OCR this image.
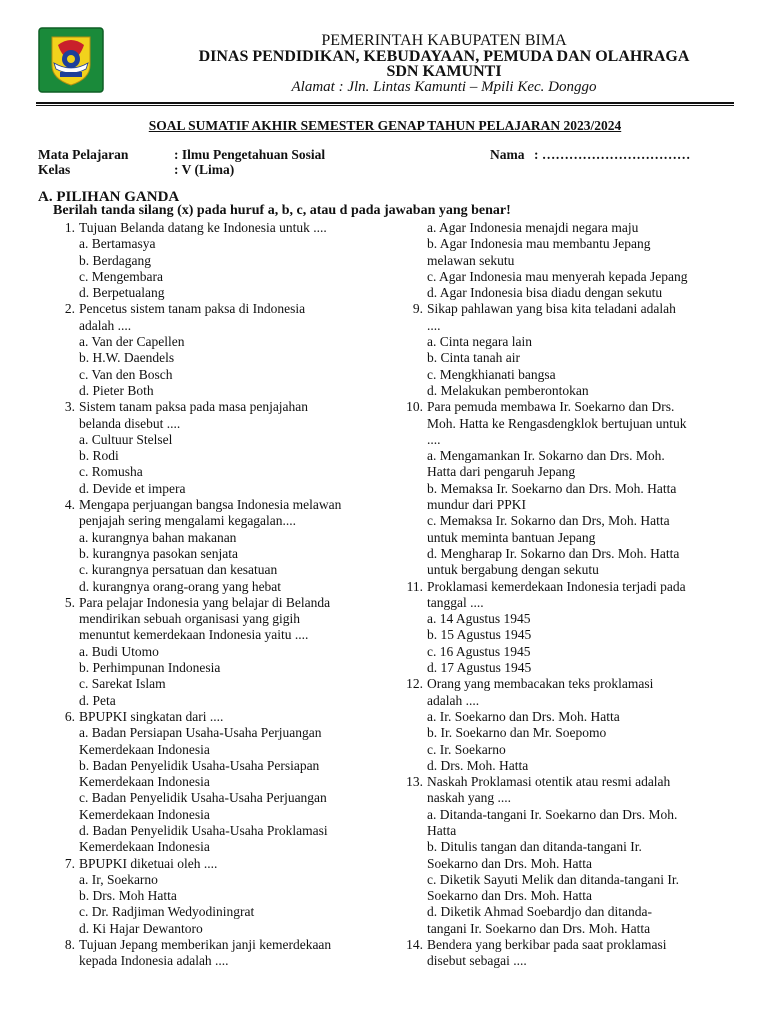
PEMERINTAH KABUPATEN BIMA
DINAS PENDIDIKAN, KEBUDAYAAN, PEMUDA DAN OLAHRAGA
SDN KAMUNTI
Alamat : Jln. Lintas Kamunti – Mpili Kec. Donggo
SOAL SUMATIF AKHIR SEMESTER GENAP TAHUN PELAJARAN 2023/2024
Mata Pelajaran	: Ilmu Pengetahuan Sosial
Kelas	: V (Lima)
Nama : ……………………………
A. PILIHAN GANDA
Berilah tanda silang (x) pada huruf a, b, c, atau d pada jawaban yang benar!
1. Tujuan Belanda datang ke Indonesia untuk ....
a. Bertamasya
b. Berdagang
c. Mengembara
d. Berpetualang
2. Pencetus sistem tanam paksa di Indonesia
adalah ....
a. Van der Capellen
b. H.W. Daendels
c. Van den Bosch
d. Pieter Both
3. Sistem tanam paksa pada masa penjajahan
belanda disebut ....
a. Cultuur Stelsel
b. Rodi
c. Romusha
d. Devide et impera
4. Mengapa perjuangan bangsa Indonesia melawan
penjajah sering mengalami kegagalan....
a. kurangnya bahan makanan
b. kurangnya pasokan senjata
c. kurangnya persatuan dan kesatuan
d. kurangnya orang-orang yang hebat
5. Para pelajar Indonesia yang belajar di Belanda
mendirikan sebuah organisasi yang gigih
menuntut kemerdekaan Indonesia yaitu ....
a. Budi Utomo
b. Perhimpunan Indonesia
c. Sarekat Islam
d. Peta
6. BPUPKI singkatan dari ....
a. Badan Persiapan Usaha-Usaha Perjuangan
Kemerdekaan Indonesia
b. Badan Penyelidik Usaha-Usaha Persiapan
Kemerdekaan Indonesia
c. Badan Penyelidik Usaha-Usaha Perjuangan
Kemerdekaan Indonesia
d. Badan Penyelidik Usaha-Usaha Proklamasi
Kemerdekaan Indonesia
7. BPUPKI diketuai oleh ....
a. Ir, Soekarno
b. Drs. Moh Hatta
c. Dr. Radjiman Wedyodiningrat
d. Ki Hajar Dewantoro
8. Tujuan Jepang memberikan janji kemerdekaan
kepada Indonesia adalah ....
a. Agar Indonesia menajdi negara maju
b. Agar Indonesia mau membantu Jepang
melawan sekutu
c. Agar Indonesia mau menyerah kepada Jepang
d. Agar Indonesia bisa diadu dengan sekutu
9. Sikap pahlawan yang bisa kita teladani adalah
....
a. Cinta negara lain
b. Cinta tanah air
c. Mengkhianati bangsa
d. Melakukan pemberontokan
10. Para pemuda membawa Ir. Soekarno dan Drs.
Moh. Hatta ke Rengasdengklok bertujuan untuk
....
a. Mengamankan Ir. Sokarno dan Drs. Moh.
Hatta dari pengaruh Jepang
b. Memaksa Ir. Soekarno dan Drs. Moh. Hatta
mundur dari PPKI
c. Memaksa Ir. Sokarno dan Drs, Moh. Hatta
untuk meminta bantuan Jepang
d. Mengharap Ir. Sokarno dan Drs. Moh. Hatta
untuk bergabung dengan sekutu
11. Proklamasi kemerdekaan Indonesia terjadi pada
tanggal ....
a. 14 Agustus 1945
b. 15 Agustus 1945
c. 16 Agustus 1945
d. 17 Agustus 1945
12. Orang yang membacakan teks proklamasi
adalah ....
a. Ir. Soekarno dan Drs. Moh. Hatta
b. Ir. Soekarno dan Mr. Soepomo
c. Ir. Soekarno
d. Drs. Moh. Hatta
13. Naskah Proklamasi otentik atau resmi adalah
naskah yang ....
a. Ditanda-tangani Ir. Soekarno dan Drs. Moh.
Hatta
b. Ditulis tangan dan ditanda-tangani Ir.
Soekarno dan Drs. Moh. Hatta
c. Diketik Sayuti Melik dan ditanda-tangani Ir.
Soekarno dan Drs. Moh. Hatta
d. Diketik Ahmad Soebardjo dan ditanda-
tangani Ir. Soekarno dan Drs. Moh. Hatta
14. Bendera yang berkibar pada saat proklamasi
disebut sebagai ....
